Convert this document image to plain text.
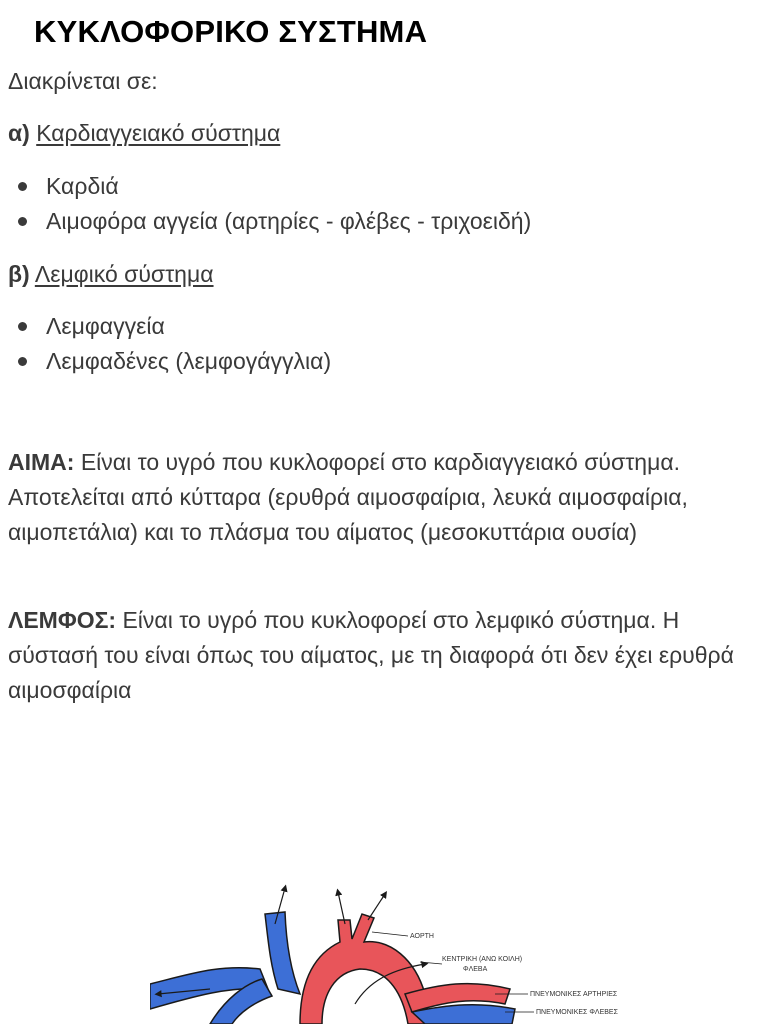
ΚΥΚΛΟΦΟΡΙΚΟ ΣΥΣΤΗΜΑ

Διακρίνεται σε:

α) Καρδιαγγειακό σύστημα

Καρδιά
Αιμοφόρα αγγεία (αρτηρίες - φλέβες - τριχοειδή)

β) Λεμφικό σύστημα

Λεμφαγγεία
Λεμφαδένες (λεμφογάγγλια)

ΑΙΜΑ: Είναι το υγρό που κυκλοφορεί στο καρδιαγγειακό σύστημα. Αποτελείται από κύτταρα (ερυθρά αιμοσφαίρια, λευκά αιμοσφαίρια, αιμοπετάλια) και το πλάσμα του αίματος (μεσοκυττάρια ουσία)

ΛΕΜΦΟΣ: Είναι το υγρό που κυκλοφορεί στο λεμφικό σύστημα. Η σύστασή του είναι όπως του αίματος, με τη διαφορά ότι δεν έχει ερυθρά αιμοσφαίρια

ΑΟΡΤΗ
ΚΕΝΤΡΙΚΗ (ΑΝΩ ΚΟΙΛΗ)
ΦΛΕΒΑ
ΠΝΕΥΜΟΝΙΚΕΣ ΑΡΤΗΡΙΕΣ
ΠΝΕΥΜΟΝΙΚΕΣ ΦΛΕΒΕΣ
